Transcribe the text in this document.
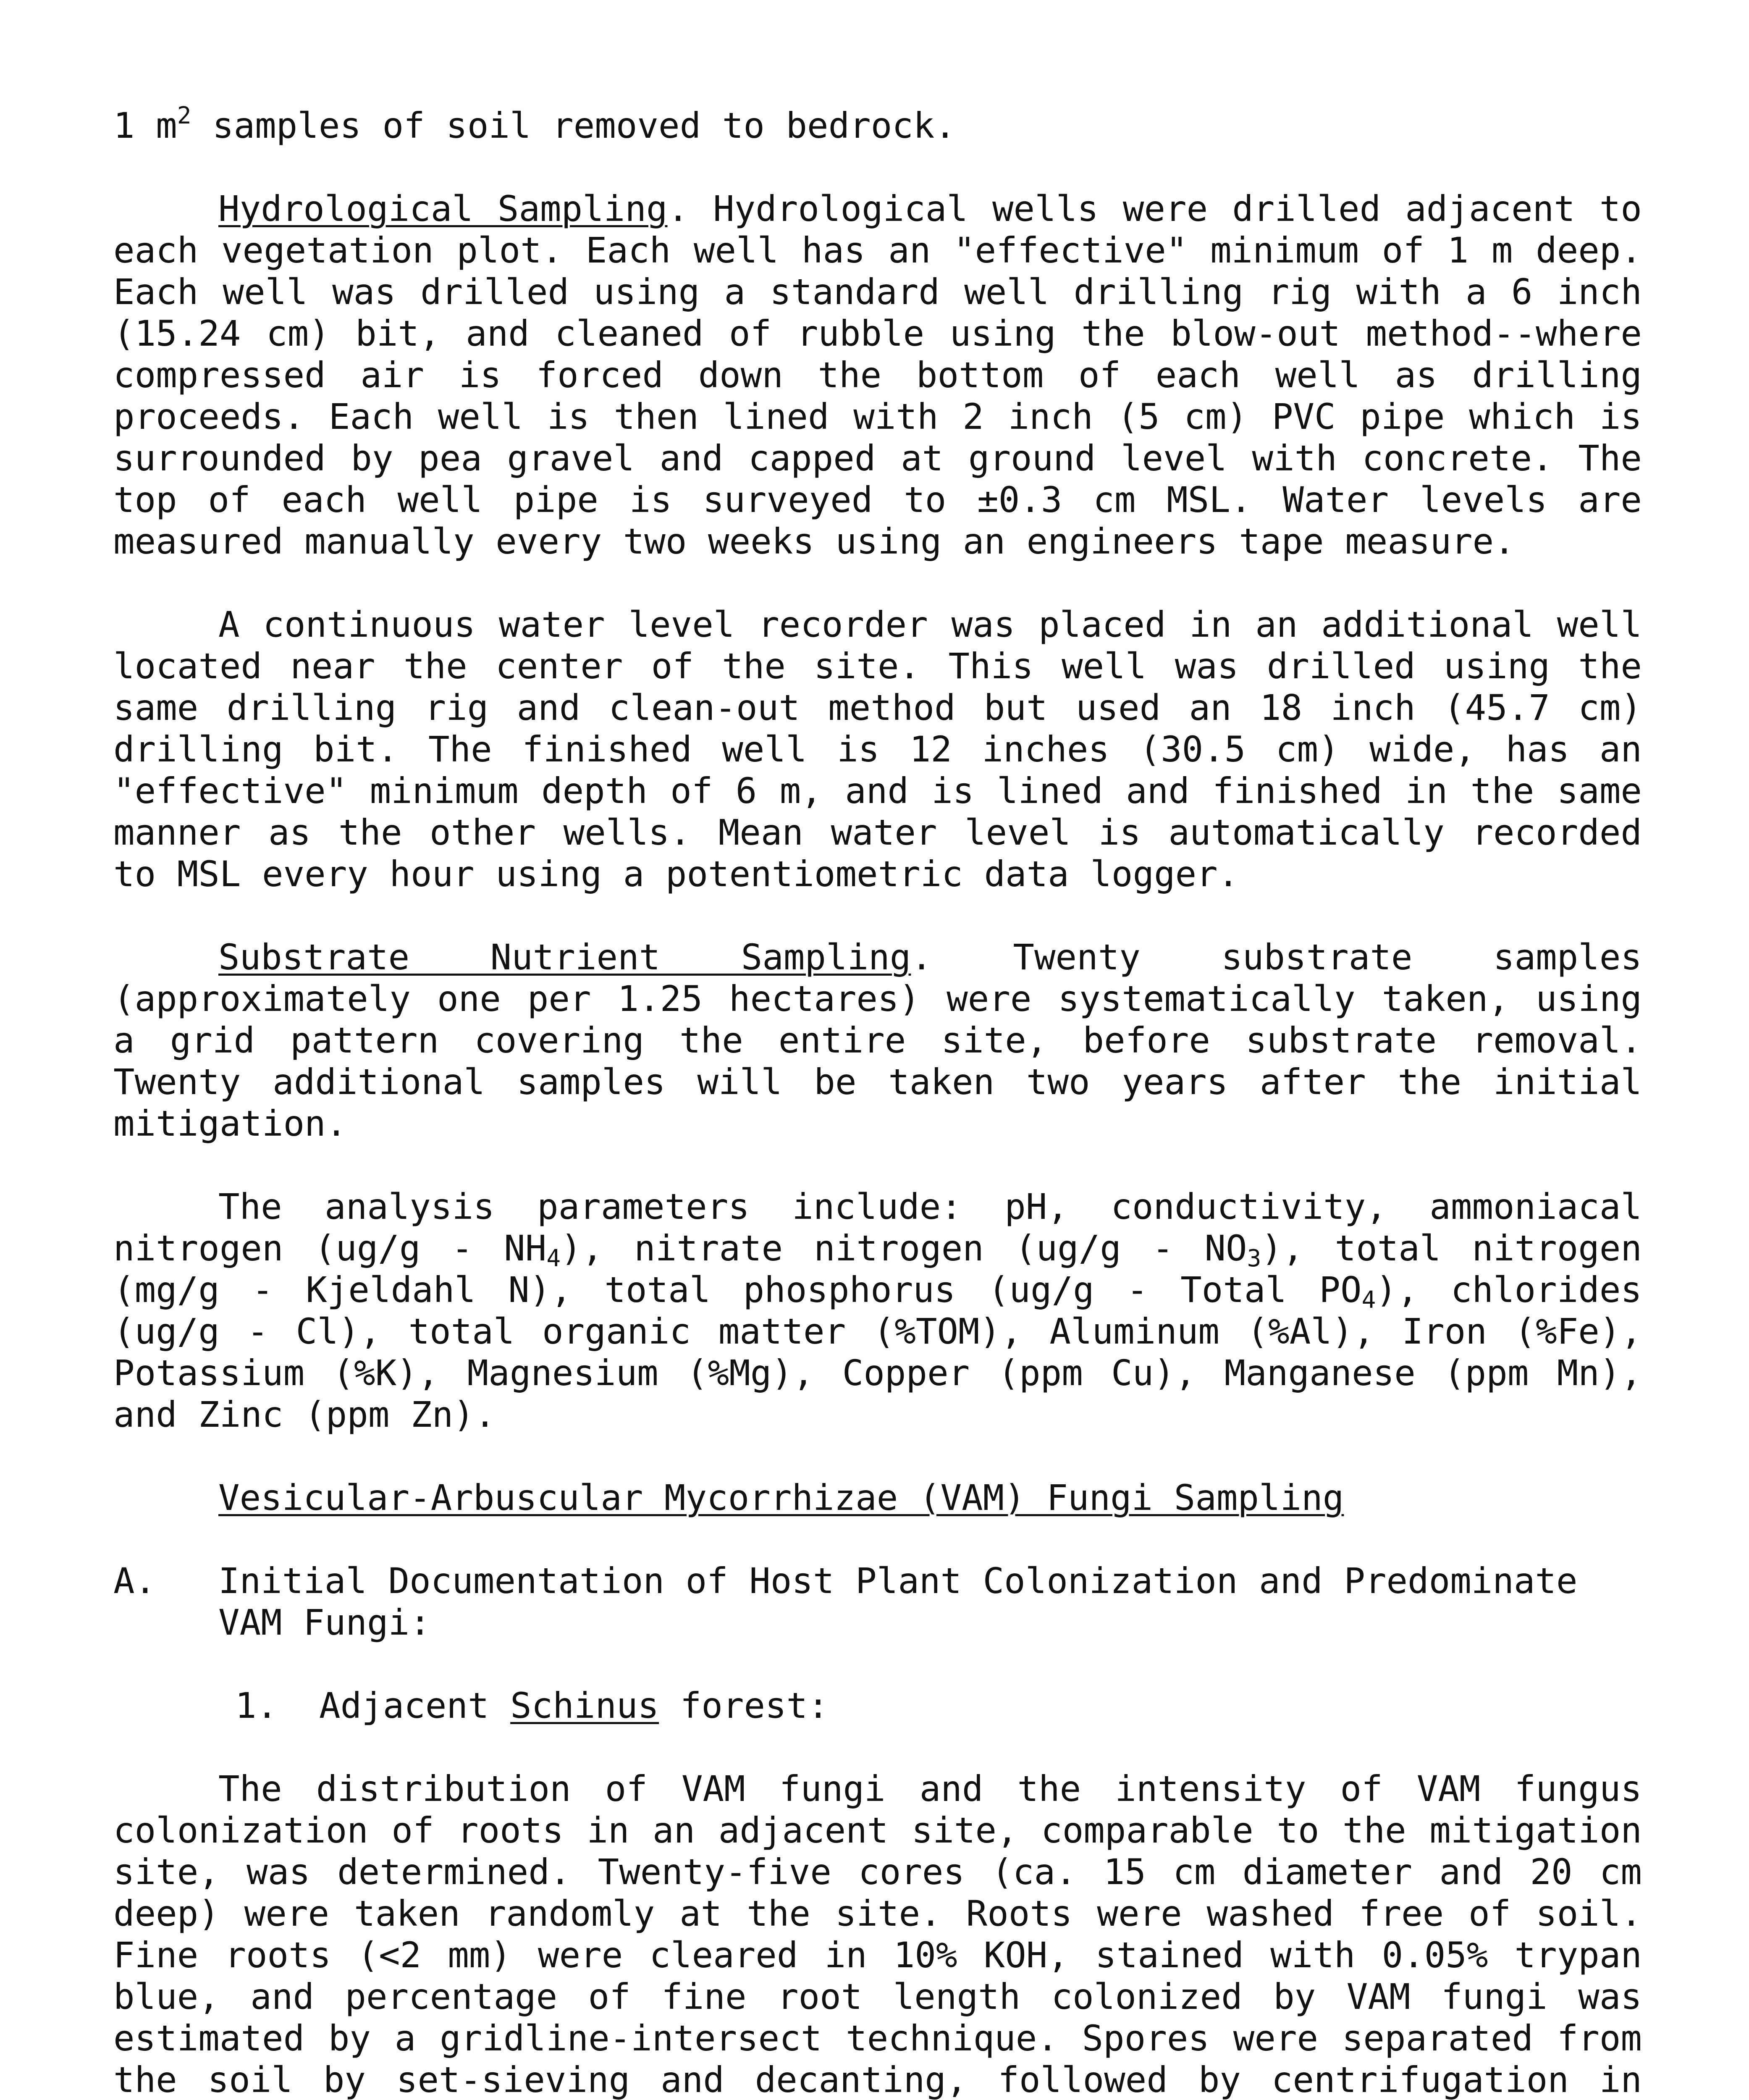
1 $m^2$ samples of soil removed to bedrock.

Hydrological Sampling. Hydrological wells were drilled adjacent to each vegetation plot. Each well has an "effective" minimum of 1 m deep. Each well was drilled using a standard well drilling rig with a 6 inch (15.24 cm) bit, and cleaned of rubble using the blow-out method--where compressed air is forced down the bottom of each well as drilling proceeds. Each well is then lined with 2 inch (5 cm) PVC pipe which is surrounded by pea gravel and capped at ground level with concrete. The top of each well pipe is surveyed to ±0.3 cm MSL. Water levels are measured manually every two weeks using an engineers tape measure.

A continuous water level recorder was placed in an additional well located near the center of the site. This well was drilled using the same drilling rig and clean-out method but used an 18 inch (45.7 cm) drilling bit. The finished well is 12 inches (30.5 cm) wide, has an "effective" minimum depth of 6 m, and is lined and finished in the same manner as the other wells. Mean water level is automatically recorded to MSL every hour using a potentiometric data logger.

Substrate Nutrient Sampling. Twenty substrate samples (approximately one per 1.25 hectares) were systematically taken, using a grid pattern covering the entire site, before substrate removal. Twenty additional samples will be taken two years after the initial mitigation.

The analysis parameters include: pH, conductivity, ammoniacal nitrogen $(ug/g - NH_4)$, nitrate nitrogen $(ug/g - NO_3)$, total nitrogen (mg/g - Kjeldahl N), total phosphorus (ug/g - Total $PO_4$), chlorides (ug/g - Cl), total organic matter (%TOM), Aluminum (%Al), Iron (%Fe), Potassium (%K), Magnesium (%Mg), Copper (ppm Cu), Manganese (ppm Mn), and Zinc (ppm Zn).

Vesicular-Arbuscular Mycorrhizae (VAM) Fungi Sampling
A.	Initial Documentation of Host Plant Colonization and Predominate VAM Fungi:
1.	Adjacent Schinus forest:

The distribution of VAM fungi and the intensity of VAM fungus colonization of roots in an adjacent site, comparable to the mitigation site, was determined. Twenty-five cores (ca. 15 cm diameter and 20 cm deep) were taken randomly at the site. Roots were washed free of soil. Fine roots (<2 mm) were cleared in 10% KOH, stained with 0.05% trypan blue, and percentage of fine root length colonized by VAM fungi was estimated by a gridline-intersect technique. Spores were separated from the soil by set-sieving and decanting, followed by centrifugation in
